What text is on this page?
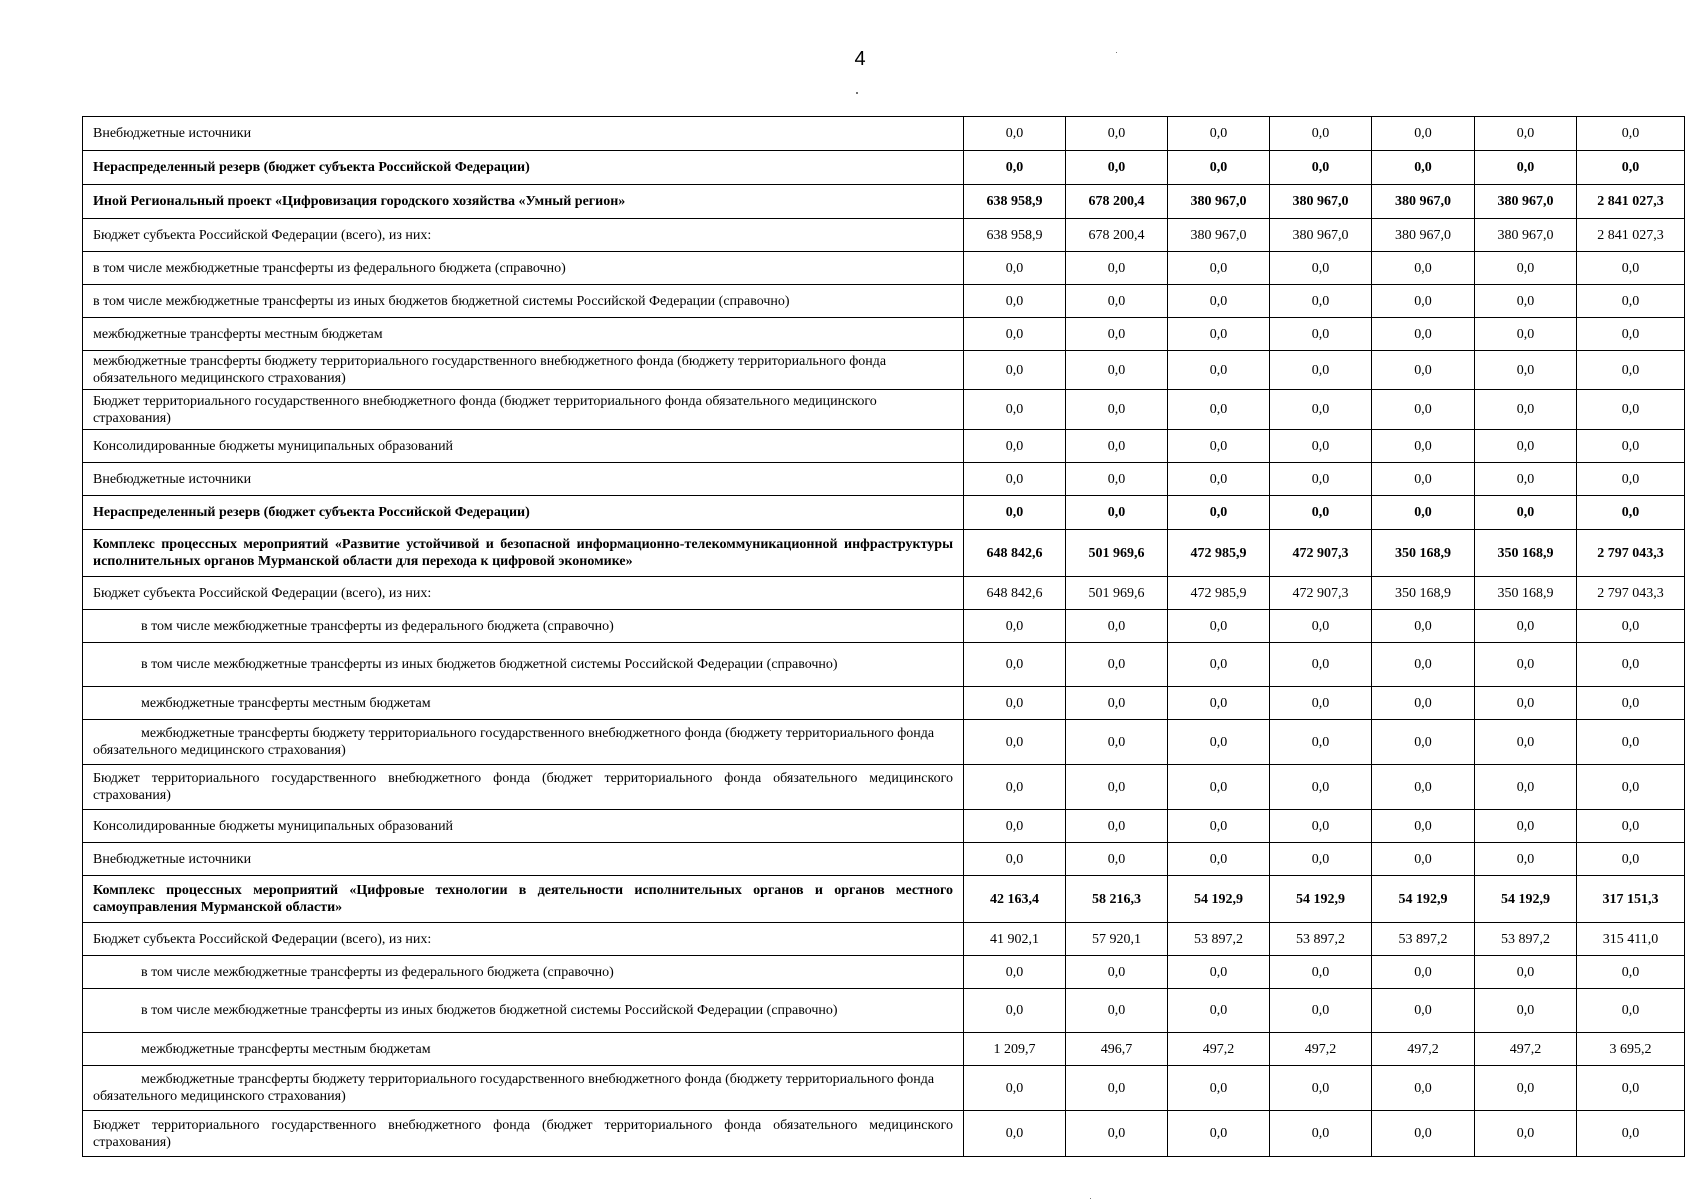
4
Внебюджетные источники	0,0	0,0	0,0	0,0	0,0	0,0	0,0
Нераспределенный резерв (бюджет субъекта Российской Федерации)	0,0	0,0	0,0	0,0	0,0	0,0	0,0
Иной Региональный проект «Цифровизация городского хозяйства «Умный регион»	638 958,9	678 200,4	380 967,0	380 967,0	380 967,0	380 967,0	2 841 027,3
Бюджет субъекта Российской Федерации (всего), из них:	638 958,9	678 200,4	380 967,0	380 967,0	380 967,0	380 967,0	2 841 027,3
в том числе межбюджетные трансферты из федерального бюджета (справочно)	0,0	0,0	0,0	0,0	0,0	0,0	0,0
в том числе межбюджетные трансферты из иных бюджетов бюджетной системы Российской Федерации (справочно)	0,0	0,0	0,0	0,0	0,0	0,0	0,0
межбюджетные трансферты местным бюджетам	0,0	0,0	0,0	0,0	0,0	0,0	0,0
межбюджетные трансферты бюджету территориального государственного внебюджетного фонда (бюджету территориального фонда обязательного медицинского страхования)	0,0	0,0	0,0	0,0	0,0	0,0	0,0
Бюджет территориального государственного внебюджетного фонда (бюджет территориального фонда обязательного медицинского страхования)	0,0	0,0	0,0	0,0	0,0	0,0	0,0
Консолидированные бюджеты муниципальных образований	0,0	0,0	0,0	0,0	0,0	0,0	0,0
Внебюджетные источники	0,0	0,0	0,0	0,0	0,0	0,0	0,0
Нераспределенный резерв (бюджет субъекта Российской Федерации)	0,0	0,0	0,0	0,0	0,0	0,0	0,0
Комплекс процессных мероприятий «Развитие устойчивой и безопасной информационно-телекоммуникационной инфраструктуры исполнительных органов Мурманской области для перехода к цифровой экономике»	648 842,6	501 969,6	472 985,9	472 907,3	350 168,9	350 168,9	2 797 043,3
Бюджет субъекта Российской Федерации (всего), из них:	648 842,6	501 969,6	472 985,9	472 907,3	350 168,9	350 168,9	2 797 043,3
в том числе межбюджетные трансферты из федерального бюджета (справочно)	0,0	0,0	0,0	0,0	0,0	0,0	0,0
в том числе межбюджетные трансферты из иных бюджетов бюджетной системы Российской Федерации (справочно)	0,0	0,0	0,0	0,0	0,0	0,0	0,0
межбюджетные трансферты местным бюджетам	0,0	0,0	0,0	0,0	0,0	0,0	0,0
межбюджетные трансферты бюджету территориального государственного внебюджетного фонда (бюджету территориального фонда обязательного медицинского страхования)	0,0	0,0	0,0	0,0	0,0	0,0	0,0
Бюджет территориального государственного внебюджетного фонда (бюджет территориального фонда обязательного медицинского страхования)	0,0	0,0	0,0	0,0	0,0	0,0	0,0
Консолидированные бюджеты муниципальных образований	0,0	0,0	0,0	0,0	0,0	0,0	0,0
Внебюджетные источники	0,0	0,0	0,0	0,0	0,0	0,0	0,0
Комплекс процессных мероприятий «Цифровые технологии в деятельности исполнительных органов и органов местного самоуправления Мурманской области»	42 163,4	58 216,3	54 192,9	54 192,9	54 192,9	54 192,9	317 151,3
Бюджет субъекта Российской Федерации (всего), из них:	41 902,1	57 920,1	53 897,2	53 897,2	53 897,2	53 897,2	315 411,0
в том числе межбюджетные трансферты из федерального бюджета (справочно)	0,0	0,0	0,0	0,0	0,0	0,0	0,0
в том числе межбюджетные трансферты из иных бюджетов бюджетной системы Российской Федерации (справочно)	0,0	0,0	0,0	0,0	0,0	0,0	0,0
межбюджетные трансферты местным бюджетам	1 209,7	496,7	497,2	497,2	497,2	497,2	3 695,2
межбюджетные трансферты бюджету территориального государственного внебюджетного фонда (бюджету территориального фонда обязательного медицинского страхования)	0,0	0,0	0,0	0,0	0,0	0,0	0,0
Бюджет территориального государственного внебюджетного фонда (бюджет территориального фонда обязательного медицинского страхования)	0,0	0,0	0,0	0,0	0,0	0,0	0,0
